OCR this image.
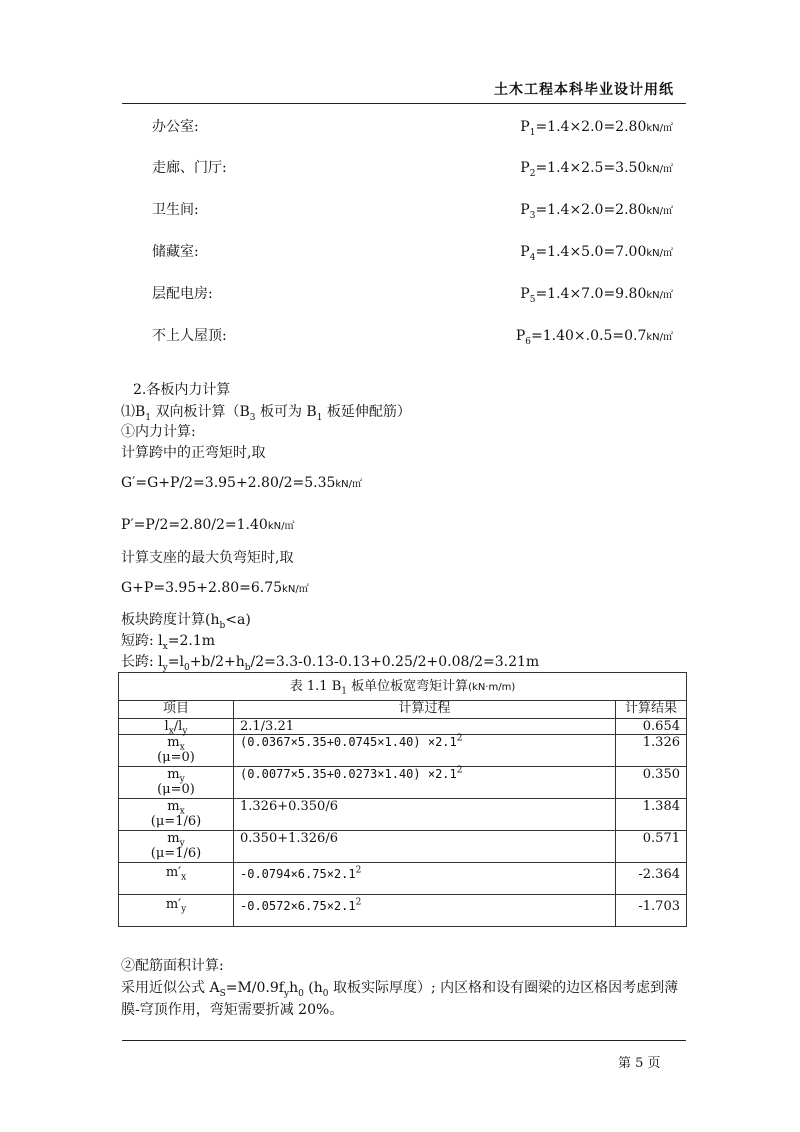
土木工程本科毕业设计用纸
办公室:	$P_1=1.4\times 2.0=2.80kN/㎡$
走廊、门厅:	$P_2=1.4\times 2.5=3.50kN/㎡$
卫生间:	$P_3=1.4\times 2.0=2.80kN/㎡$
储藏室:	$P_4=1.4\times 5.0=7.00kN/㎡$
层配电房:	$P_5=1.4\times 7.0=9.80kN/㎡$
不上人屋顶:	$P_6=1.40\times.0.5=0.7kN/㎡$
2.各板内力计算
$⑴B_1$ 双向板计算（$B_3$ 板可为 $B_1$ 板延伸配筋）
①内力计算:
计算跨中的正弯矩时,取
G′=G+P/2=3.95+2.80/2=5.35kN/㎡
P′=P/2=2.80/2=1.40kN/㎡
计算支座的最大负弯矩时,取
G+P=3.95+2.80=6.75kN/㎡
板块跨度计算$(h_b<a)$
短跨: $l_x=2.1m$
长跨: $l_y=l_0+b/2+h_b/2=3.3-0.13-0.13+0.25/2+0.08/2=3.21m$
表 1.1 $B_1$ 板单位板宽弯矩计算(kN·m/m)		
项目	计算过程	计算结果
$l_x/l_y$	2.1/3.21	0.654
$m_x$
(μ=0)	$(0.0367\times 5.35+0.0745\times 1.40) \times 2.1^2$	1.326
$m_y$
(μ=0)	$(0.0077\times 5.35+0.0273\times 1.40) \times 2.1^2$	0.350
$m_x$
(μ=1/6)	1.326+0.350/6	1.384
$m_y$
(μ=1/6)	0.350+1.326/6	0.571
$m'_x$	$-0.0794\times 6.75\times 2.1^2$	-2.364
$m'_y$	$-0.0572\times 6.75\times 2.1^2$	-1.703
②配筋面积计算:
采用近似公式 $A_S=M/0.9f_yh_0$ ($h_0$ 取板实际厚度）; 内区格和设有圈梁的边区格因考虑到薄
膜-穹顶作用，弯矩需要折减 20%。
第 5 页
